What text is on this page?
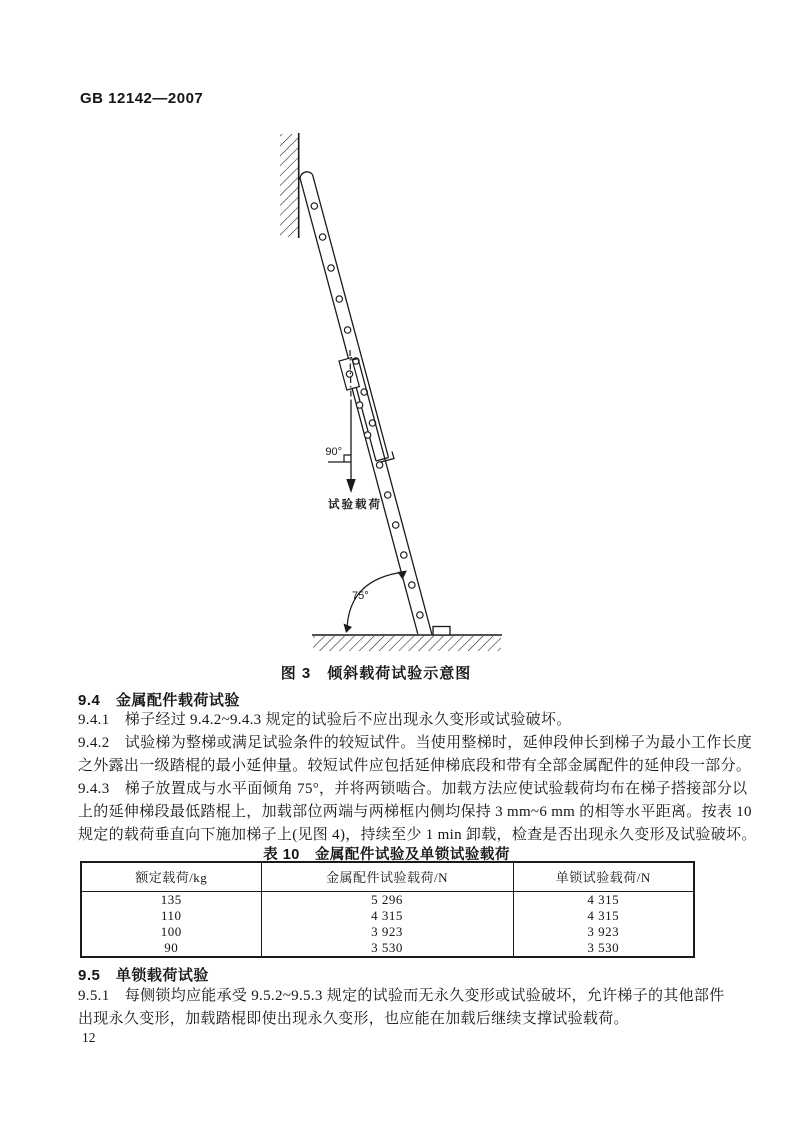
GB 12142—2007
90°
试验载荷
75°
图 3　倾斜载荷试验示意图
9.4　金属配件载荷试验
9.4.1　梯子经过 9.4.2~9.4.3 规定的试验后不应出现永久变形或试验破坏。
9.4.2　试验梯为整梯或满足试验条件的较短试件。当使用整梯时，延伸段伸长到梯子为最小工作长度
之外露出一级踏棍的最小延伸量。较短试件应包括延伸梯底段和带有全部金属配件的延伸段一部分。
9.4.3　梯子放置成与水平面倾角 75°，并将两锁啮合。加载方法应使试验载荷均布在梯子搭接部分以
上的延伸梯段最低踏棍上，加载部位两端与两梯框内侧均保持 3 mm~6 mm 的相等水平距离。按表 10
规定的载荷垂直向下施加梯子上(见图 4)，持续至少 1 min 卸载，检查是否出现永久变形及试验破坏。
表 10　金属配件试验及单锁试验载荷
额定载荷/kg	金属配件试验载荷/N	单锁试验载荷/N
135	5 296	4 315
110	4 315	4 315
100	3 923	3 923
90	3 530	3 530
9.5　单锁载荷试验
9.5.1　每侧锁均应能承受 9.5.2~9.5.3 规定的试验而无永久变形或试验破坏，允许梯子的其他部件
出现永久变形，加载踏棍即使出现永久变形，也应能在加载后继续支撑试验载荷。
12
